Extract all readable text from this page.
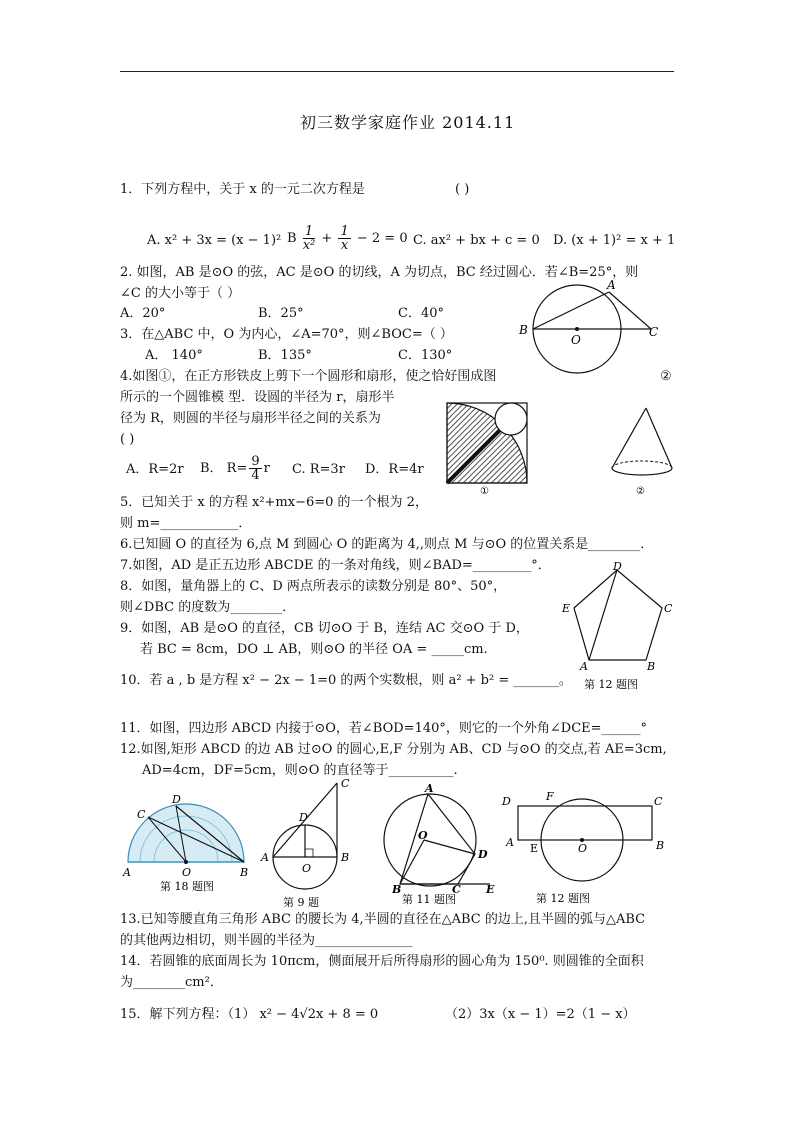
初三数学家庭作业 2014.11
1．下列方程中，关于 x 的一元二次方程是	( )
A. x² + 3x = (x − 1)² B $\frac{1}{\text{x²}} + \frac{1}{x} - 2 = 0$ C. ax² + bx + c = 0 D. (x + 1)² = x + 1
2. 如图，AB 是⊙O 的弦，AC 是⊙O 的切线，A 为切点，BC 经过圆心．若∠B=25°，则
∠C 的大小等于（ ）
A．20°	B．25°	C．40°
3．在△ABC 中，O 为内心，∠A=70°，则∠BOC=（ ）
A． 140°	B．135°	C．130°
B
O
C
A
4.如图①，在正方形铁皮上剪下一个圆形和扇形，使之恰好围成图	②
所示的一个圆锥模 型．设圆的半径为 r，扇形半
径为 R，则圆的半径与扇形半径之间的关系为
( )
A．R=2r B． $R= \frac{9}{4}$ r C. R=3r D．R=4r
①	②
5．已知关于 x 的方程 x²+mx−6=0 的一个根为 2，
则 m=____________．
6.已知圆 O 的直径为 6,点 M 到圆心 O 的距离为 4,,则点 M 与⊙O 的位置关系是________．
7.如图，AD 是正五边形 ABCDE 的一条对角线，则∠BAD=_________°．
8．如图，量角器上的 C、D 两点所表示的读数分别是 80°、50°，
则∠DBC 的度数为________．
9．如图，AB 是⊙O 的直径，CB 切⊙O 于 B，连结 AC 交⊙O 于 D，
若 BC = 8cm，DO ⊥ AB，则⊙O 的半径 OA = _____cm.
10．若 a , b 是方程 x² − 2x − 1=0 的两个实数根，则 a² + b² = _______。
D
C
B
A
E
第 12 题图
11．如图，四边形 ABCD 内接于⊙O，若∠BOD=140°，则它的一个外角∠DCE=______°
12.如图,矩形 ABCD 的边 AB 过⊙O 的圆心,E,F 分别为 AB、CD 与⊙O 的交点,若 AE=3cm,
AD=4cm，DF=5cm，则⊙O 的直径等于__________.
C
D
A	O	B
第 18 题图
A
O
B
C
D
第 9 题
A
O
D
B	C E
第 11 题图
D	F	C
A E	O	B
第 12 题图
13.已知等腰直角三角形 ABC 的腰长为 4,半圆的直径在△ABC 的边上,且半圆的弧与△ABC
的其他两边相切，则半圆的半径为_______________
14．若圆锥的底面周长为 10πcm，侧面展开后所得扇形的圆心角为 150⁰. 则圆锥的全面积
为________cm²．
15．解下列方程：（1） x² − 4√2x + 8 = 0	（2）3x（x − 1）=2（1 − x）
